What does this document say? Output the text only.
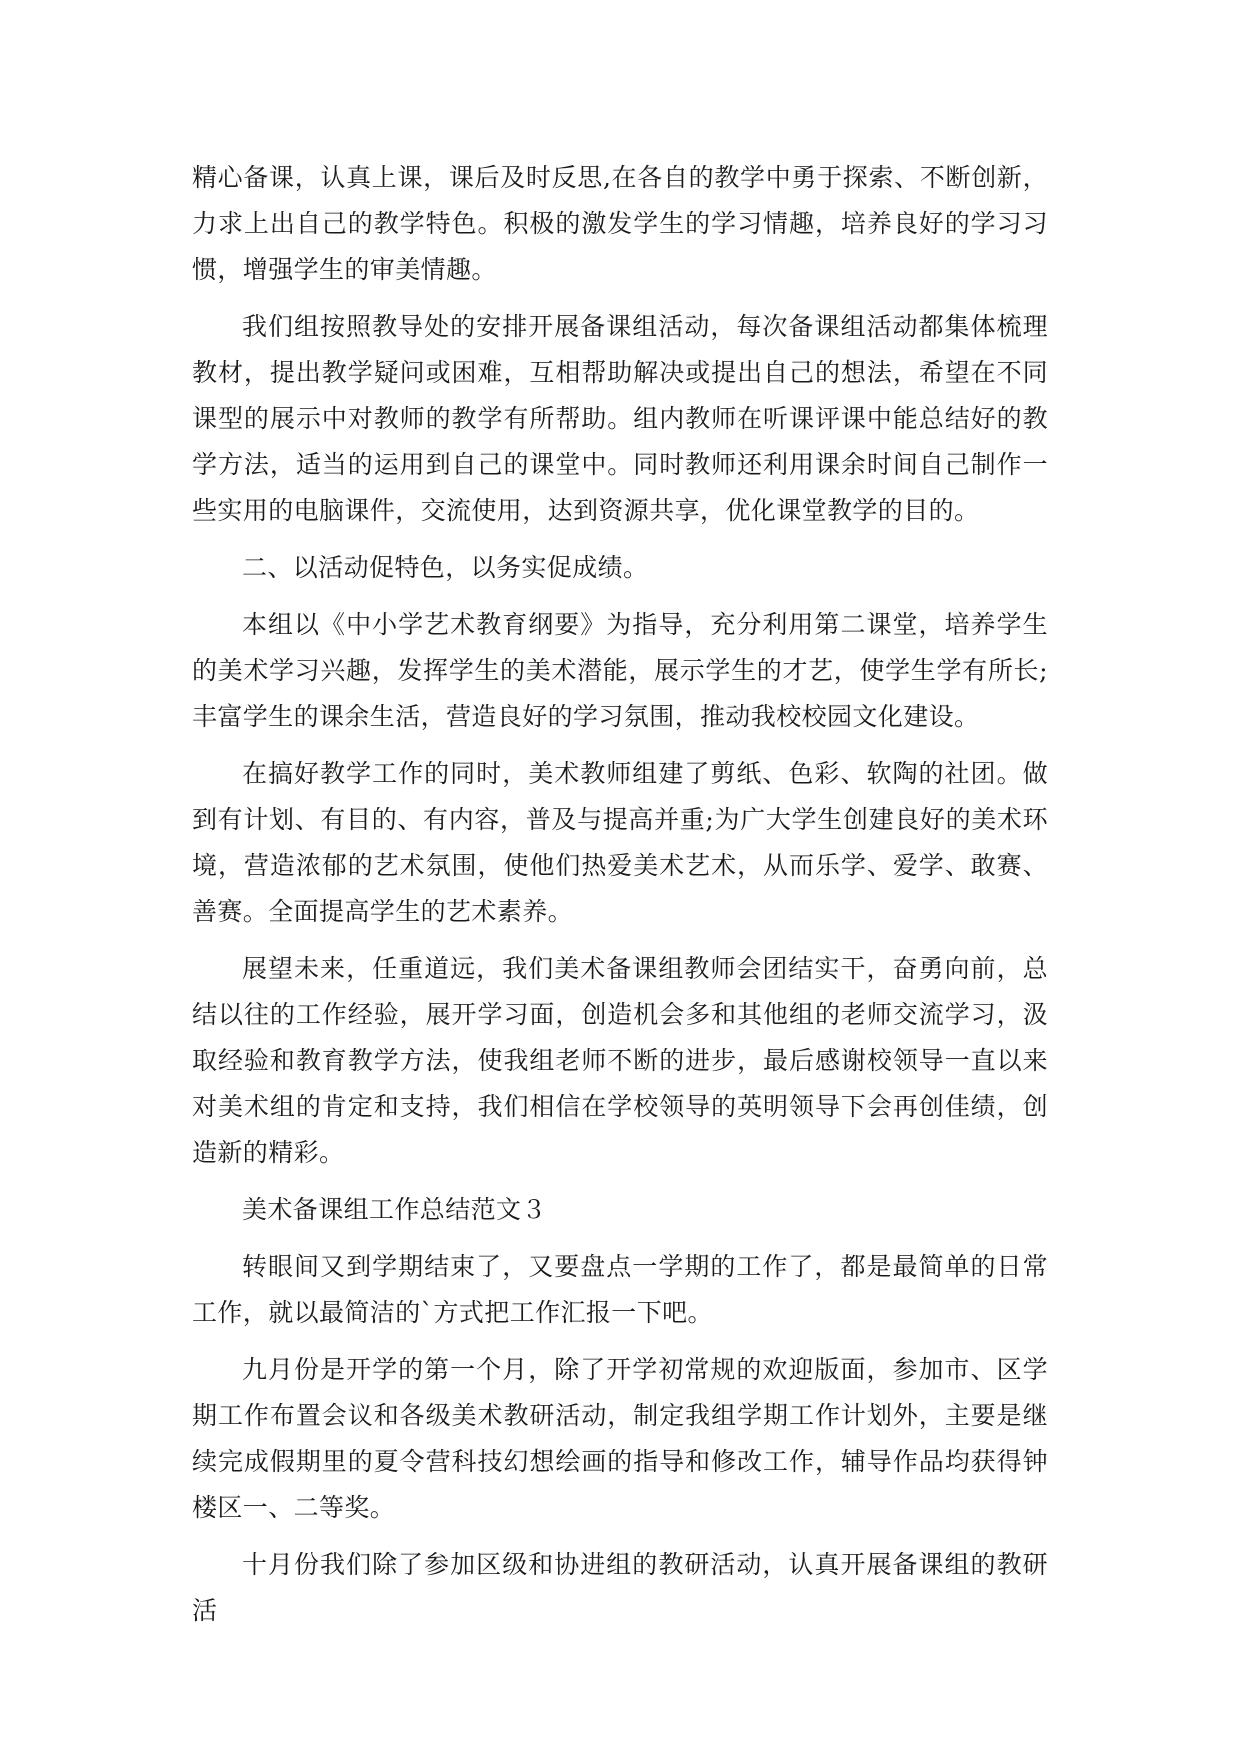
精心备课，认真上课，课后及时反思,在各自的教学中勇于探索、不断创新，力求上出自己的教学特色。积极的激发学生的学习情趣，培养良好的学习习惯，增强学生的审美情趣。

我们组按照教导处的安排开展备课组活动，每次备课组活动都集体梳理教材，提出教学疑问或困难，互相帮助解决或提出自己的想法，希望在不同课型的展示中对教师的教学有所帮助。组内教师在听课评课中能总结好的教学方法，适当的运用到自己的课堂中。同时教师还利用课余时间自己制作一些实用的电脑课件，交流使用，达到资源共享，优化课堂教学的目的。

二、以活动促特色，以务实促成绩。

本组以《中小学艺术教育纲要》为指导，充分利用第二课堂，培养学生的美术学习兴趣，发挥学生的美术潜能，展示学生的才艺，使学生学有所长;丰富学生的课余生活，营造良好的学习氛围，推动我校校园文化建设。

在搞好教学工作的同时，美术教师组建了剪纸、色彩、软陶的社团。做到有计划、有目的、有内容，普及与提高并重;为广大学生创建良好的美术环境，营造浓郁的艺术氛围，使他们热爱美术艺术，从而乐学、爱学、敢赛、善赛。全面提高学生的艺术素养。

展望未来，任重道远，我们美术备课组教师会团结实干，奋勇向前，总结以往的工作经验，展开学习面，创造机会多和其他组的老师交流学习，汲取经验和教育教学方法，使我组老师不断的进步，最后感谢校领导一直以来对美术组的肯定和支持，我们相信在学校领导的英明领导下会再创佳绩，创造新的精彩。

美术备课组工作总结范文３

转眼间又到学期结束了，又要盘点一学期的工作了，都是最简单的日常工作，就以最简洁的`方式把工作汇报一下吧。

九月份是开学的第一个月，除了开学初常规的欢迎版面，参加市、区学期工作布置会议和各级美术教研活动，制定我组学期工作计划外，主要是继续完成假期里的夏令营科技幻想绘画的指导和修改工作，辅导作品均获得钟楼区一、二等奖。

十月份我们除了参加区级和协进组的教研活动，认真开展备课组的教研活
